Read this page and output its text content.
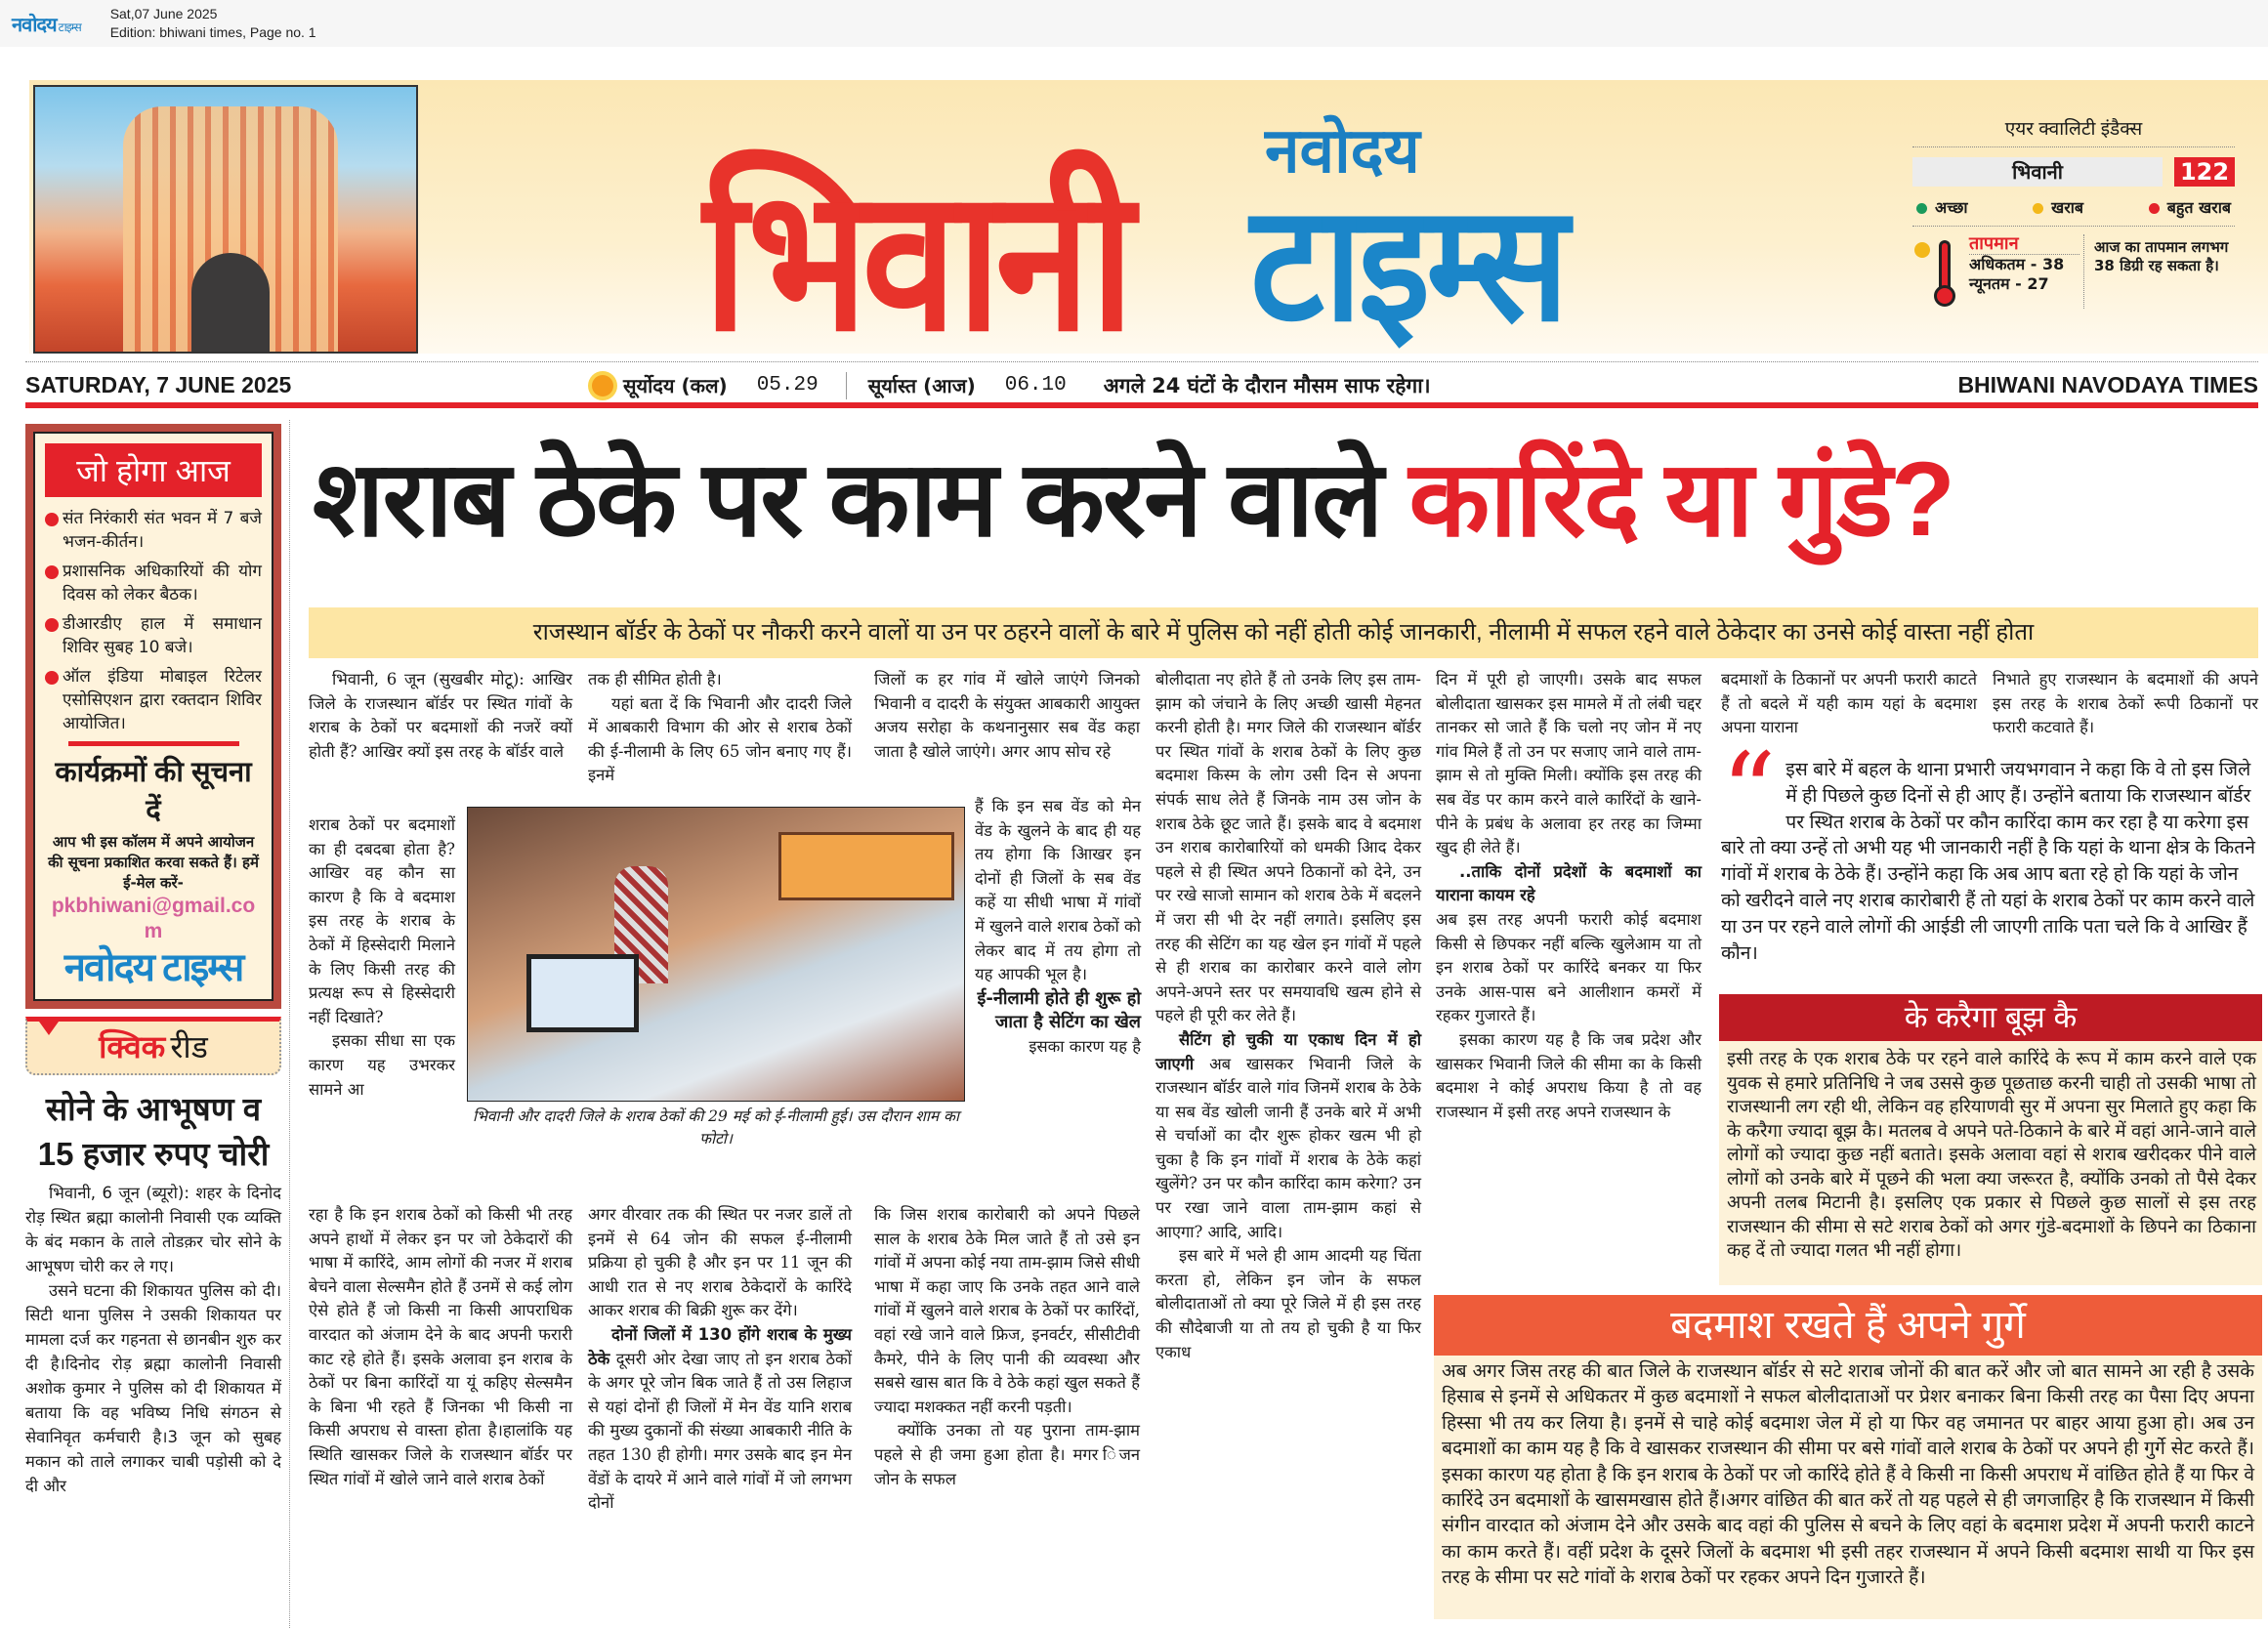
नवोदय टाइम्स
Sat,07 June 2025
Edition: bhiwani times, Page no. 1
भिवानी
नवोदय
टाइम्स
एयर क्वालिटी इंडैक्स
भिवानी	122
अच्छा	खराब	बहुत खराब
तापमान
अधिकतम - 38
न्यूनतम - 27
आज का तापमान लगभग 38 डिग्री रह सकता है।
SATURDAY, 7 JUNE 2025	सूर्योदय (कल) 05.29	सूर्यास्त (आज) 06.10 अगले 24 घंटों के दौरान मौसम साफ रहेगा।	BHIWANI NAVODAYA TIMES
जो होगा आज
संत निरंकारी संत भवन में 7 बजे भजन-कीर्तन।
प्रशासनिक अधिकारियों की योग दिवस को लेकर बैठक।
डीआरडीए हाल में समाधान शिविर सुबह 10 बजे।
ऑल इंडिया मोबाइल रिटेलर एसोसिएशन द्वारा रक्तदान शिविर आयोजित।
कार्यक्रमों की सूचना दें
आप भी इस कॉलम में अपने आयोजन की सूचना प्रकाशित करवा सकते हैं। हमें ई-मेल करें-
pkbhiwani@gmail.com
नवोदय टाइम्स
क्विक रीड
सोने के आभूषण व 15 हजार रुपए चोरी

भिवानी, 6 जून (ब्यूरो): शहर के दिनोद रोड़ स्थित ब्रह्मा कालोनी निवासी एक व्यक्ति के बंद मकान के ताले तोडक़र चोर सोने के आभूषण चोरी कर ले गए।

उसने घटना की शिकायत पुलिस को दी। सिटी थाना पुलिस ने उसकी शिकायत पर मामला दर्ज कर गहनता से छानबीन शुरु कर दी है।दिनोद रोड़ ब्रह्मा कालोनी निवासी अशोक कुमार ने पुलिस को दी शिकायत में बताया कि वह भविष्य निधि संगठन से सेवानिवृत कर्मचारी है।3 जून को सुबह मकान को ताले लगाकर चाबी पड़ोसी को दे दी और

शराब ठेके पर काम करने वाले कारिंदे या गुंडे?
राजस्थान बॉर्डर के ठेकों पर नौकरी करने वालों या उन पर ठहरने वालों के बारे में पुलिस को नहीं होती कोई जानकारी, नीलामी में सफल रहने वाले ठेकेदार का उनसे कोई वास्ता नहीं होता

भिवानी, 6 जून (सुखबीर मोटू): आखिर जिले के राजस्थान बॉर्डर पर स्थित गांवों के शराब के ठेकों पर बदमाशों की नजरें क्यों होती हैं? आखिर क्यों इस तरह के बॉर्डर वाले

शराब ठेकों पर बदमाशों का ही दबदबा होता है? आखिर वह कौन सा कारण है कि वे बदमाश इस तरह के शराब के ठेकों में हिस्सेदारी मिलाने के लिए किसी तरह की प्रत्यक्ष रूप से हिस्सेदारी नहीं दिखाते?

इसका सीधा सा एक कारण यह उभरकर सामने आ

रहा है कि इन शराब ठेकों को किसी भी तरह अपने हाथों में लेकर इन पर जो ठेकेदारों की भाषा में कारिंदे, आम लोगों की नजर में शराब बेचने वाला सेल्समैन होते हैं उनमें से कई लोग ऐसे होते हैं जो किसी ना किसी आपराधिक वारदात को अंजाम देने के बाद अपनी फरारी काट रहे होते हैं। इसके अलावा इन शराब के ठेकों पर बिना कारिंदों या यूं कहिए सेल्समैन के बिना भी रहते हैं जिनका भी किसी ना किसी अपराध से वास्ता होता है।हालांकि यह स्थिति खासकर जिले के राजस्थान बॉर्डर पर स्थित गांवों में खोले जाने वाले शराब ठेकों

तक ही सीमित होती है।

यहां बता दें कि भिवानी और दादरी जिले में आबकारी विभाग की ओर से शराब ठेकों की ई-नीलामी के लिए 65 जोन बनाए गए हैं। इनमें

अगर वीरवार तक की स्थित पर नजर डालें तो इनमें से 64 जोन की सफल ई-नीलामी प्रक्रिया हो चुकी है और इन पर 11 जून की आधी रात से नए शराब ठेकेदारों के कारिंदे आकर शराब की बिक्री शुरू कर देंगे।

दोनों जिलों में 130 होंगे शराब के मुख्य ठेके दूसरी ओर देखा जाए तो इन शराब ठेकों के अगर पूरे जोन बिक जाते हैं तो उस लिहाज से यहां दोनों ही जिलों में मेन वेंड यानि शराब की मुख्य दुकानों की संख्या आबकारी नीति के तहत 130 ही होगी। मगर उसके बाद इन मेन वेंडों के दायरे में आने वाले गांवों में जो लगभग दोनों

भिवानी और दादरी जिले के शराब ठेकों की 29 मई को ई-नीलामी हुई। उस दौरान शाम का फोटो।

जिलों क हर गांव में खोले जाएंगे जिनको भिवानी व दादरी के संयुक्त आबकारी आयुक्त अजय सरोहा के कथनानुसार सब वेंड कहा जाता है खोले जाएंगे। अगर आप सोच रहे

हैं कि इन सब वेंड को मेन वेंड के खुलने के बाद ही यह तय होगा कि आिखर इन दोनों ही जिलों के सब वेंड कहें या सीधी भाषा में गांवों में खुलने वाले शराब ठेकों को लेकर बाद में तय होगा तो यह आपकी भूल है।

ई-नीलामी होते ही शुरू हो जाता है सेटिंग का खेल

इसका कारण यह है

कि जिस शराब कारोबारी को अपने पिछले साल के शराब ठेके मिल जाते हैं तो उसे इन गांवों में अपना कोई नया ताम-झाम जिसे सीधी भाषा में कहा जाए कि उनके तहत आने वाले गांवों में खुलने वाले शराब के ठेकों पर कारिंदों, वहां रखे जाने वाले फ्रिज, इनवर्टर, सीसीटीवी कैमरे, पीने के लिए पानी की व्यवस्था और सबसे खास बात कि वे ठेके कहां खुल सकते हैं ज्यादा मशक्कत नहीं करनी पड़ती।

क्योंकि उनका तो यह पुराना ताम-झाम पहले से ही जमा हुआ होता है। मगर िजन जोन के सफल

बोलीदाता नए होते हैं तो उनके लिए इस ताम-झाम को जंचाने के लिए अच्छी खासी मेहनत करनी होती है। मगर जिले की राजस्थान बॉर्डर पर स्थित गांवों के शराब ठेकों के लिए कुछ बदमाश किस्म के लोग उसी दिन से अपना संपर्क साध लेते हैं जिनके नाम उस जोन के शराब ठेके छूट जाते हैं। इसके बाद वे बदमाश उन शराब कारोबारियों को धमकी आिद देकर पहले से ही स्थित अपने ठिकानों को देने, उन पर रखे साजो सामान को शराब ठेके में बदलने में जरा सी भी देर नहीं लगाते। इसलिए इस तरह की सेटिंग का यह खेल इन गांवों में पहले से ही शराब का कारोबार करने वाले लोग अपने-अपने स्तर पर समयावधि खत्म होने से पहले ही पूरी कर लेते हैं।

सैटिंग हो चुकी या एकाध दिन में हो जाएगी अब खासकर भिवानी जिले के राजस्थान बॉर्डर वाले गांव जिनमें शराब के ठेके या सब वेंड खोली जानी हैं उनके बारे में अभी से चर्चाओं का दौर शुरू होकर खत्म भी हो चुका है कि इन गांवों में शराब के ठेके कहां खुलेंगे? उन पर कौन कारिंदा काम करेगा? उन पर रखा जाने वाला ताम-झाम कहां से आएगा? आदि, आदि।

इस बारे में भले ही आम आदमी यह चिंता करता हो, लेकिन इन जोन के सफल बोलीदाताओं तो क्या पूरे जिले में ही इस तरह की सौदेबाजी या तो तय हो चुकी है या फिर एकाध

दिन में पूरी हो जाएगी। उसके बाद सफल बोलीदाता खासकर इस मामले में तो लंबी चद्दर तानकर सो जाते हैं कि चलो नए जोन में नए गांव मिले हैं तो उन पर सजाए जाने वाले ताम-झाम से तो मुक्ति मिली। क्योंकि इस तरह की सब वेंड पर काम करने वाले कारिंदों के खाने-पीने के प्रबंध के अलावा हर तरह का जिम्मा खुद ही लेते हैं।

..ताकि दोनों प्रदेशों के बदमाशों का याराना कायम रहे

अब इस तरह अपनी फरारी कोई बदमाश किसी से छिपकर नहीं बल्कि खुलेआम या तो इन शराब ठेकों पर कारिंदे बनकर या फिर उनके आस-पास बने आलीशान कमरों में रहकर गुजारते हैं।

इसका कारण यह है कि जब प्रदेश और खासकर भिवानी जिले की सीमा का के किसी बदमाश ने कोई अपराध किया है तो वह राजस्थान में इसी तरह अपने राजस्थान के

बदमाशों के ठिकानों पर अपनी फरारी काटते हैं तो बदले में यही काम यहां के बदमाश अपना याराना

निभाते हुए राजस्थान के बदमाशों की अपने इस तरह के शराब ठेकों रूपी ठिकानों पर फरारी कटवाते हैं।

“ इस बारे में बहल के थाना प्रभारी जयभगवान ने कहा कि वे तो इस जिले में ही पिछले कुछ दिनों से ही आए हैं। उन्होंने बताया कि राजस्थान बॉर्डर पर स्थित शराब के ठेकों पर कौन कारिंदा काम कर रहा है या करेगा इस बारे तो क्या उन्हें तो अभी यह भी जानकारी नहीं है कि यहां के थाना क्षेत्र के कितने गांवों में शराब के ठेके हैं। उन्होंने कहा कि अब आप बता रहे हो कि यहां के जोन को खरीदने वाले नए शराब कारोबारी हैं तो यहां के शराब ठेकों पर काम करने वाले या उन पर रहने वाले लोगों की आईडी ली जाएगी ताकि पता चले कि वे आखिर हैं कौन।
के करैगा बूझ कै
इसी तरह के एक शराब ठेके पर रहने वाले कारिंदे के रूप में काम करने वाले एक युवक से हमारे प्रतिनिधि ने जब उससे कुछ पूछताछ करनी चाही तो उसकी भाषा तो राजस्थानी लग रही थी, लेकिन वह हरियाणवी सुर में अपना सुर मिलाते हुए कहा कि के करैगा ज्यादा बूझ कै। मतलब वे अपने पते-ठिकाने के बारे में वहां आने-जाने वाले लोगों को ज्यादा कुछ नहीं बताते। इसके अलावा वहां से शराब खरीदकर पीने वाले लोगों को उनके बारे में पूछने की भला क्या जरूरत है, क्योंकि उनको तो पैसे देकर अपनी तलब मिटानी है। इसलिए एक प्रकार से पिछले कुछ सालों से इस तरह राजस्थान की सीमा से सटे शराब ठेकों को अगर गुंडे-बदमाशों के छिपने का ठिकाना कह दें तो ज्यादा गलत भी नहीं होगा।
बदमाश रखते हैं अपने गुर्गे
अब अगर जिस तरह की बात जिले के राजस्थान बॉर्डर से सटे शराब जोनों की बात करें और जो बात सामने आ रही है उसके हिसाब से इनमें से अधिकतर में कुछ बदमाशों ने सफल बोलीदाताओं पर प्रेशर बनाकर बिना किसी तरह का पैसा दिए अपना हिस्सा भी तय कर लिया है। इनमें से चाहे कोई बदमाश जेल में हो या फिर वह जमानत पर बाहर आया हुआ हो। अब उन बदमाशों का काम यह है कि वे खासकर राजस्थान की सीमा पर बसे गांवों वाले शराब के ठेकों पर अपने ही गुर्गे सेट करते हैं। इसका कारण यह होता है कि इन शराब के ठेकों पर जो कारिंदे होते हैं वे किसी ना किसी अपराध में वांछित होते हैं या फिर वे कारिंदे उन बदमाशों के खासमखास होते हैं।अगर वांछित की बात करें तो यह पहले से ही जगजाहिर है कि राजस्थान में किसी संगीन वारदात को अंजाम देने और उसके बाद वहां की पुलिस से बचने के लिए वहां के बदमाश प्रदेश में अपनी फरारी काटने का काम करते हैं। वहीं प्रदेश के दूसरे जिलों के बदमाश भी इसी तहर राजस्थान में अपने किसी बदमाश साथी या फिर इस तरह के सीमा पर सटे गांवों के शराब ठेकों पर रहकर अपने दिन गुजारते हैं।
